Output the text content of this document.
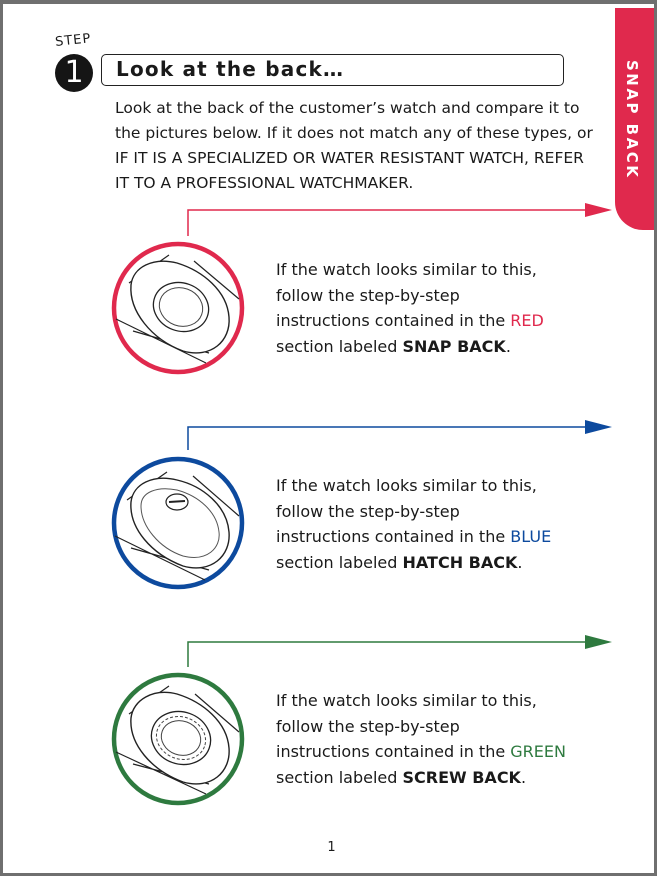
STEP
1	Look at the back…
Look at the back of the customer’s watch and compare it to the pictures below. If it does not match any of these types, or IF IT IS A SPECIALIZED OR WATER RESISTANT WATCH, REFER IT TO A PROFESSIONAL WATCHMAKER.
SNAP BACK
If the watch looks similar to this,
follow the step-by-step
instructions contained in the RED
section labeled SNAP BACK.
If the watch looks similar to this,
follow the step-by-step
instructions contained in the BLUE
section labeled HATCH BACK.
If the watch looks similar to this,
follow the step-by-step
instructions contained in the GREEN
section labeled SCREW BACK.
1
